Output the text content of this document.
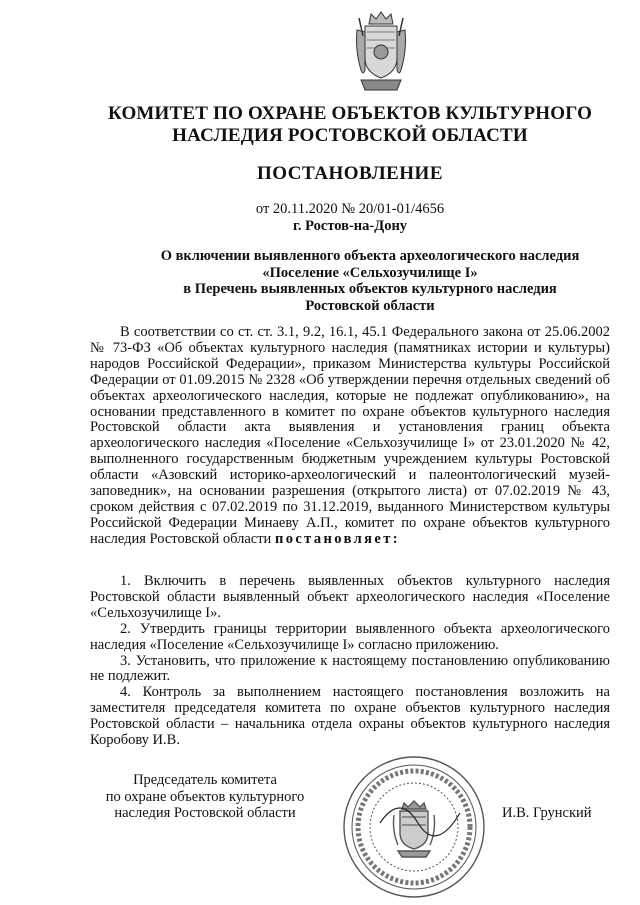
КОМИТЕТ ПО ОХРАНЕ ОБЪЕКТОВ КУЛЬТУРНОГО
НАСЛЕДИЯ РОСТОВСКОЙ ОБЛАСТИ
ПОСТАНОВЛЕНИЕ
от 20.11.2020 № 20/01-01/4656
г. Ростов-на-Дону
О включении выявленного объекта археологического наследия
«Поселение «Сельхозучилище I»
в Перечень выявленных объектов культурного наследия
Ростовской области

В соответствии со ст. ст. 3.1, 9.2, 16.1, 45.1 Федерального закона от 25.06.2002 № 73-ФЗ «Об объектах культурного наследия (памятниках истории и культуры) народов Российской Федерации», приказом Министерства культуры Российской Федерации от 01.09.2015 № 2328 «Об утверждении перечня отдельных сведений об объектах археологического наследия, которые не подлежат опубликованию», на основании представленного в комитет по охране объектов культурного наследия Ростовской области акта выявления и установления границ объекта археологического наследия «Поселение «Сельхозучилище I» от 23.01.2020 № 42, выполненного государственным бюджетным учреждением культуры Ростовской области «Азовский историко-археологический и палеонтологический музей-заповедник», на основании разрешения (открытого листа) от 07.02.2019 № 43, сроком действия с 07.02.2019 по 31.12.2019, выданного Министерством культуры Российской Федерации Минаеву А.П., комитет по охране объектов культурного наследия Ростовской области постановляет:

1. Включить в перечень выявленных объектов культурного наследия Ростовской области выявленный объект археологического наследия «Поселение «Сельхозучилище I».

2. Утвердить границы территории выявленного объекта археологического наследия «Поселение «Сельхозучилище I» согласно приложению.

3. Установить, что приложение к настоящему постановлению опубликованию не подлежит.

4. Контроль за выполнением настоящего постановления возложить на заместителя председателя комитета по охране объектов культурного наследия Ростовской области – начальника отдела охраны объектов культурного наследия Коробову И.В.

Председатель комитета
по охране объектов культурного
наследия Ростовской области	И.В. Грунский
